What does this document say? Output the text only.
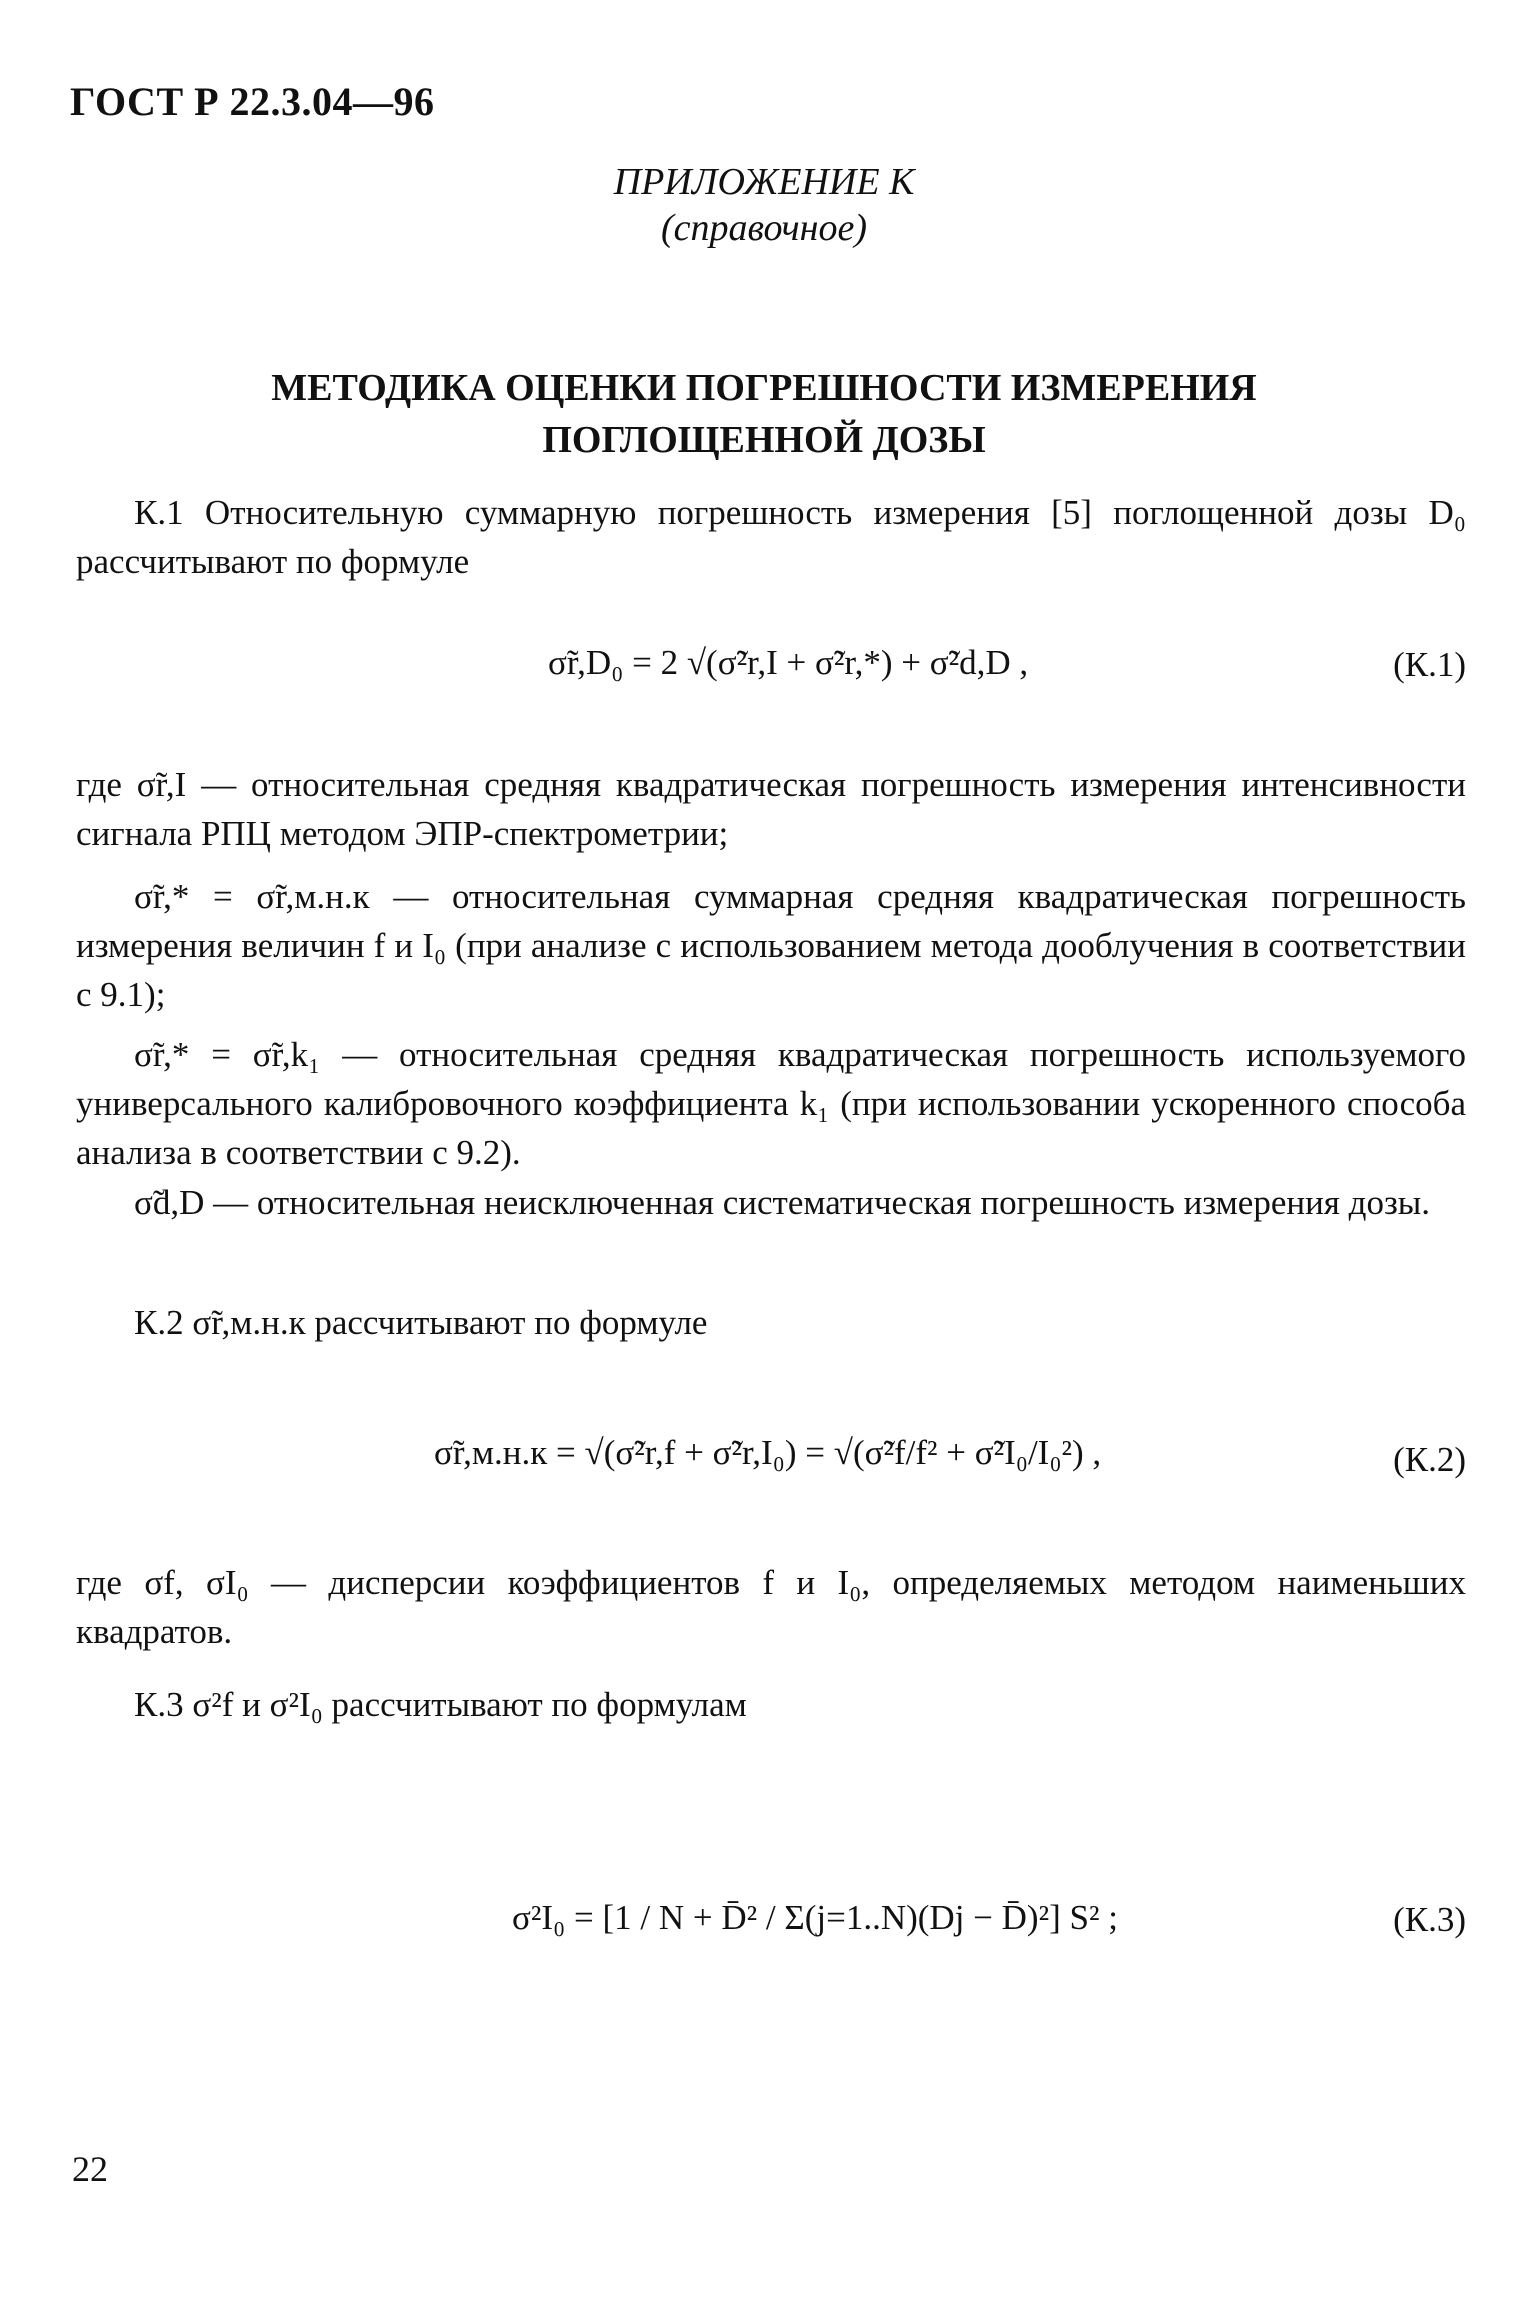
ГОСТ Р 22.3.04—96
ПРИЛОЖЕНИЕ К
(справочное)
МЕТОДИКА ОЦЕНКИ ПОГРЕШНОСТИ ИЗМЕРЕНИЯ
ПОГЛОЩЕННОЙ ДОЗЫ
К.1 Относительную суммарную погрешность измерения [5] поглощенной дозы D₀ рассчитывают по формуле
σ̃r,D₀ = 2 √(σ̃²r,I + σ̃²r,*) + σ̃²d,D ,	(К.1)
где σ̃r,I — относительная средняя квадратическая погрешность измерения интенсивности сигнала РПЦ методом ЭПР-спектрометрии;
σ̃r,* = σ̃r,м.н.к — относительная суммарная средняя квадратическая погрешность измерения величин f и I₀ (при анализе с использованием метода дооблучения в соответствии с 9.1);
σ̃r,* = σ̃r,k₁ — относительная средняя квадратическая погрешность используемого универсального калибровочного коэффициента k₁ (при использовании ускоренного способа анализа в соответствии с 9.2).
σ̃d,D — относительная неисключенная систематическая погрешность измерения дозы.
К.2 σ̃r,м.н.к рассчитывают по формуле
σ̃r,м.н.к = √(σ̃²r,f + σ̃²r,I₀) = √(σ̃²f/f² + σ̃²I₀/I₀²) ,	(К.2)
где σf, σI₀ — дисперсии коэффициентов f и I₀, определяемых методом наименьших квадратов.
К.3 σ²f и σ²I₀ рассчитывают по формулам
σ²I₀ = [1 / N + D̄² / Σ(j=1..N)(Dj − D̄)²] S² ;	(К.3)
22
